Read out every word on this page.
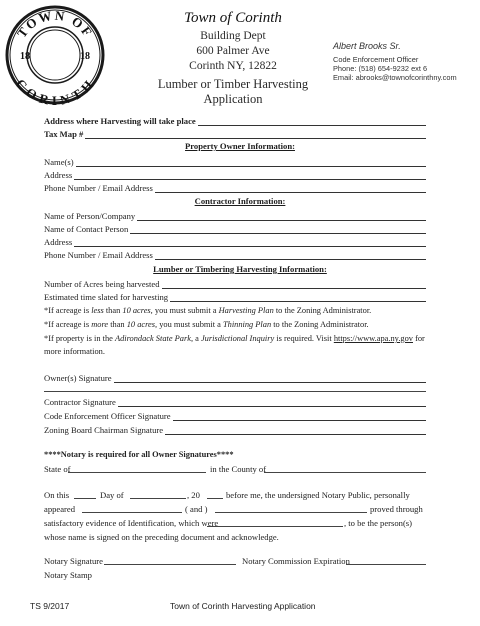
TOWN OF
CORINTH
18	18
Town of Corinth
Building Dept
600 Palmer Ave
Corinth NY, 12822
Lumber or Timber Harvesting
Application
Albert Brooks Sr.
Code Enforcement Officer
Phone: (518) 654-9232 ext 6
Email: abrooks@townofcorinthny.com
Address where Harvesting will take place
Tax Map #
Property Owner Information:
Name(s)
Address
Phone Number / Email Address
Contractor Information:
Name of Person/Company
Name of Contact Person
Address
Phone Number / Email Address
Lumber or Timbering Harvesting Information:
Number of Acres being harvested
Estimated time slated for harvesting
*If acreage is less than 10 acres, you must submit a Harvesting Plan to the Zoning Administrator.
*If acreage is more than 10 acres, you must submit a Thinning Plan to the Zoning Administrator.
*If property is in the Adirondack State Park, a Jurisdictional Inquiry is required. Visit https://www.apa.ny.gov for
more information.
Owner(s) Signature
Contractor Signature
Code Enforcement Officer Signature
Zoning Board Chairman Signature
****Notary is required for all Owner Signatures****
State of	in the County of
On this	Day of	, 20	before me, the undersigned Notary Public, personally
appeared	( and )	proved through
satisfactory evidence of Identification, which were	, to be the person(s)
whose name is signed on the preceding document and acknowledge.
Notary Signature	Notary Commission Expiration
Notary Stamp
TS 9/2017	Town of Corinth Harvesting Application
